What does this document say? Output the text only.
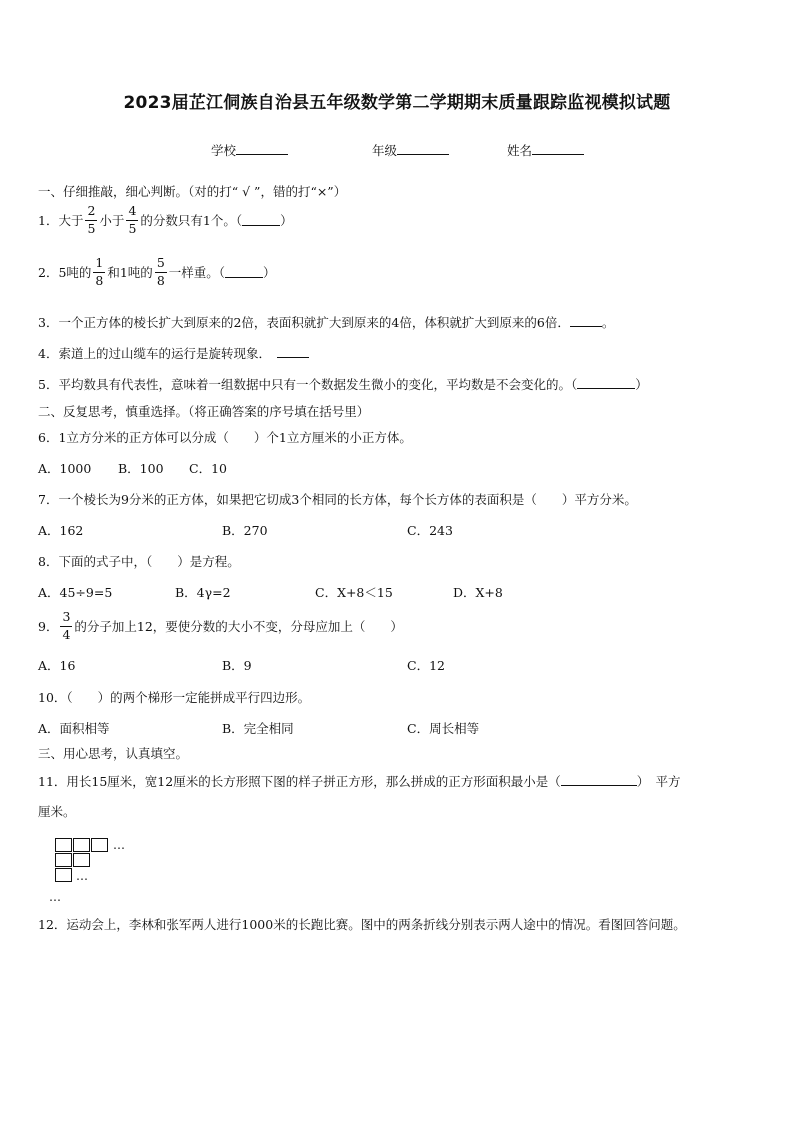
2023届芷江侗族自治县五年级数学第二学期期末质量跟踪监视模拟试题
学校	年级	姓名
一、仔细推敲，细心判断。（对的打“ √ ”，错的打“×”）
1． 大于 $\frac{2}{5}$ 小于 $\frac{4}{5}$ 的分数只有1个。（	）
2． 5吨的 $\frac{1}{8}$ 和1吨的 $\frac{5}{8}$ 一样重。（	）
3．一个正方体的棱长扩大到原来的2倍，表面积就扩大到原来的4倍，体积就扩大到原来的6倍．	。
4．索道上的过山缆车的运行是旋转现象．
5．平均数具有代表性，意味着一组数据中只有一个数据发生微小的变化，平均数是不会变化的。（	）
二、反复思考，慎重选择。（将正确答案的序号填在括号里）
6．1立方分米的正方体可以分成（　　）个1立方厘米的小正方体。
A．1000 B．100 C．10
7．一个棱长为9分米的正方体，如果把它切成3个相同的长方体，每个长方体的表面积是（　　）平方分米。
A．162	B．270	C．243
8．下面的式子中，（　　）是方程。
A．45÷9=5	B．4γ=2	C．X+8＜15	D．X+8
9． $\frac{3}{4}$ 的分子加上12，要使分数的大小不变，分母应加上（　　）
A．16	B．9	C．12
10．（　　）的两个梯形一定能拼成平行四边形。
A．面积相等	B．完全相同	C．周长相等
三、用心思考，认真填空。
11．用长15厘米，宽12厘米的长方形照下图的样子拼正方形，那么拼成的正方形面积最小是（	）　平方
厘米。
…
…
…
12．运动会上，李林和张军两人进行1000米的长跑比赛。图中的两条折线分别表示两人途中的情况。看图回答问题。
